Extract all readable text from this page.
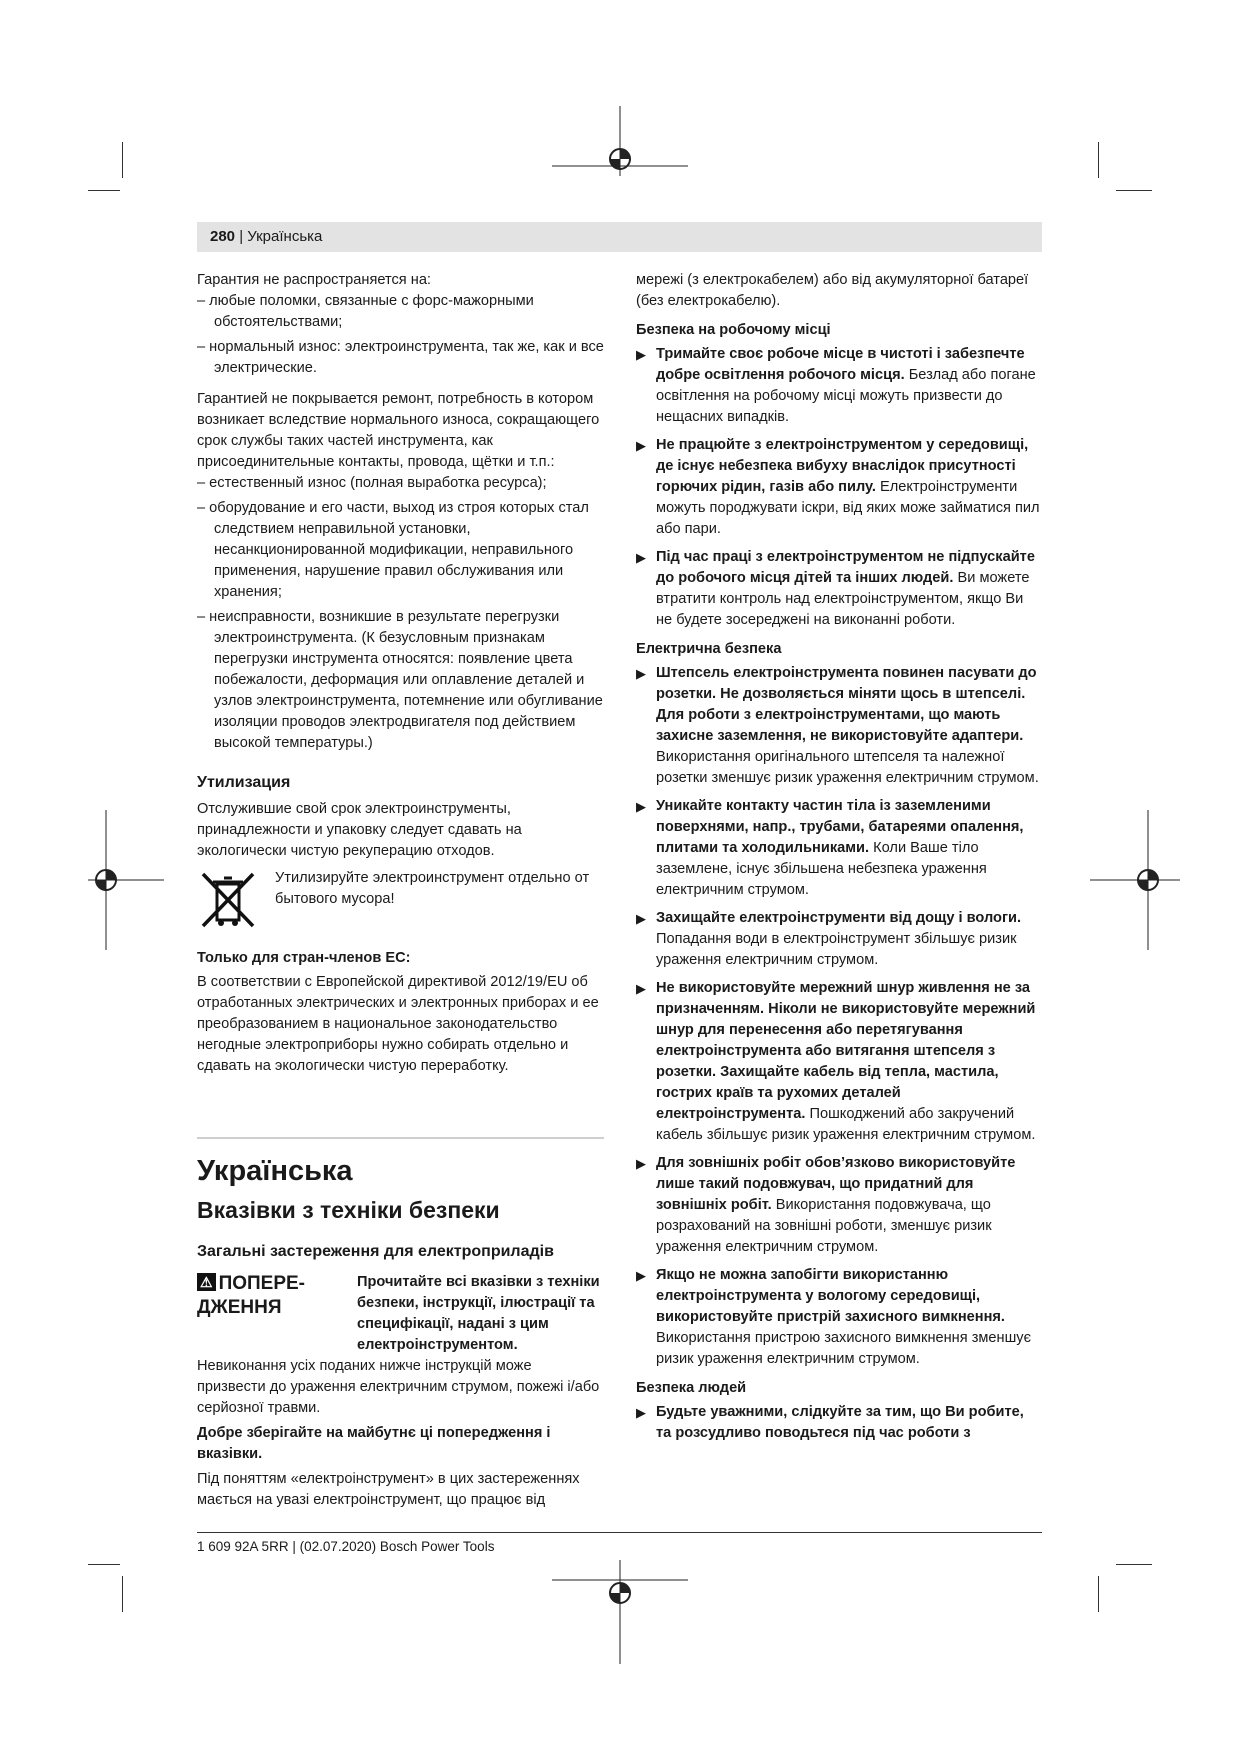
280 | Українська

Гарантия не распространяется на:

– любые поломки, связанные с форс-мажорными обстоятельствами;

– нормальный износ: электроинструмента, так же, как и все электрические.

Гарантией не покрывается ремонт, потребность в котором возникает вследствие нормального износа, сокращающего срок службы таких частей инструмента, как присоединительные контакты, провода, щётки и т.п.:

– естественный износ (полная выработка ресурса);

– оборудование и его части, выход из строя которых стал следствием неправильной установки, несанкционированной модификации, неправильного применения, нарушение правил обслуживания или хранения;

– неисправности, возникшие в результате перегрузки электроинструмента. (К безусловным признакам перегрузки инструмента относятся: появление цвета побежалости, деформация или оплавление деталей и узлов электроинструмента, потемнение или обугливание изоляции проводов электродвигателя под действием высокой температуры.)

Утилизация

Отслужившие свой срок электроинструменты, принадлежности и упаковку следует сдавать на экологически чистую рекуперацию отходов.

Утилизируйте электроинструмент отдельно от бытового мусора!
Только для стран-членов ЕС:

В соответствии с Европейской директивой 2012/19/EU об отработанных электрических и электронных приборах и ее преобразованием в национальное законодательство негодные электроприборы нужно собирать отдельно и сдавать на экологически чистую переработку.

Українська
Вказівки з техніки безпеки
Загальні застереження для електроприладів
⚠ ПОПЕРЕ-ДЖЕННЯ
Прочитайте всі вказівки з техніки безпеки, інструкції, ілюстрації та специфікації, надані з цим електроінструментом.

Невиконання усіх поданих нижче інструкцій може призвести до ураження електричним струмом, пожежі і/або серйозної травми.

Добре зберігайте на майбутнє ці попередження і вказівки.

Під поняттям «електроінструмент» в цих застереженнях мається на увазі електроінструмент, що працює від

мережі (з електрокабелем) або від акумуляторної батареї (без електрокабелю).

Безпека на робочому місці
▶ Тримайте своє робоче місце в чистоті і забезпечте добре освітлення робочого місця. Безлад або погане освітлення на робочому місці можуть призвести до нещасних випадків.
▶ Не працюйте з електроінструментом у середовищі, де існує небезпека вибуху внаслідок присутності горючих рідин, газів або пилу. Електроінструменти можуть породжувати іскри, від яких може займатися пил або пари.
▶ Під час праці з електроінструментом не підпускайте до робочого місця дітей та інших людей. Ви можете втратити контроль над електроінструментом, якщо Ви не будете зосереджені на виконанні роботи.
Електрична безпека
▶ Штепсель електроінструмента повинен пасувати до розетки. Не дозволяється міняти щось в штепселі. Для роботи з електроінструментами, що мають захисне заземлення, не використовуйте адаптери. Використання оригінального штепселя та належної розетки зменшує ризик ураження електричним струмом.
▶ Уникайте контакту частин тіла із заземленими поверхнями, напр., трубами, батареями опалення, плитами та холодильниками. Коли Ваше тіло заземлене, існує збільшена небезпека ураження електричним струмом.
▶ Захищайте електроінструменти від дощу і вологи. Попадання води в електроінструмент збільшує ризик ураження електричним струмом.
▶ Не використовуйте мережний шнур живлення не за призначенням. Ніколи не використовуйте мережний шнур для перенесення або перетягування електроінструмента або витягання штепселя з розетки. Захищайте кабель від тепла, мастила, гострих країв та рухомих деталей електроінструмента. Пошкоджений або закручений кабель збільшує ризик ураження електричним струмом.
▶ Для зовнішніх робіт обов’язково використовуйте лише такий подовжувач, що придатний для зовнішніх робіт. Використання подовжувача, що розрахований на зовнішні роботи, зменшує ризик ураження електричним струмом.
▶ Якщо не можна запобігти використанню електроінструмента у вологому середовищі, використовуйте пристрій захисного вимкнення. Використання пристрою захисного вимкнення зменшує ризик ураження електричним струмом.
Безпека людей
▶ Будьте уважними, слідкуйте за тим, що Ви робите, та розсудливо поводьтеся під час роботи з
1 609 92A 5RR | (02.07.2020) Bosch Power Tools
